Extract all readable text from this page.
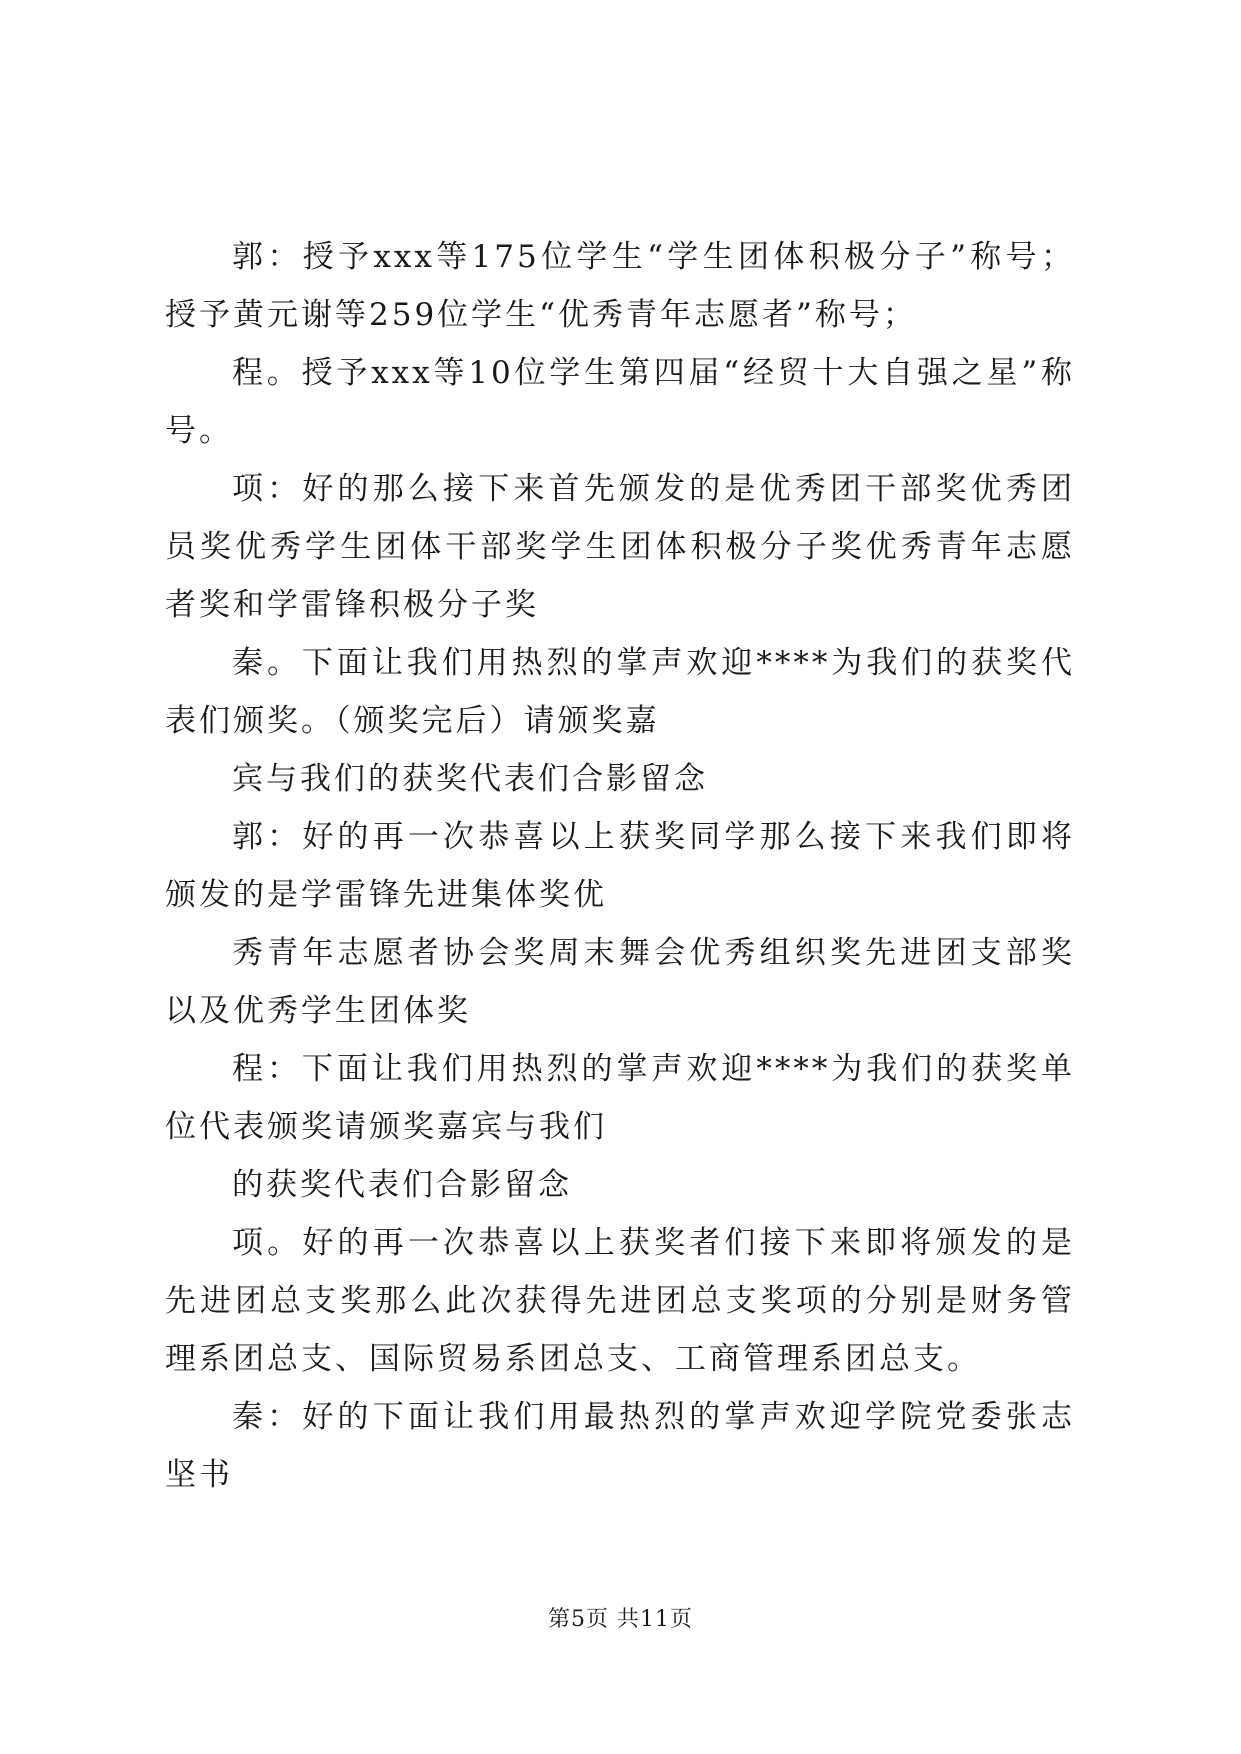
郭：授予xxx等175位学生“学生团体积极分子”称号；授予黄元谢等259位学生“优秀青年志愿者”称号；

程。授予xxx等10位学生第四届“经贸十大自强之星”称号。

项：好的那么接下来首先颁发的是优秀团干部奖优秀团员奖优秀学生团体干部奖学生团体积极分子奖优秀青年志愿者奖和学雷锋积极分子奖

秦。下面让我们用热烈的掌声欢迎****为我们的获奖代表们颁奖。（颁奖完后）请颁奖嘉

宾与我们的获奖代表们合影留念

郭：好的再一次恭喜以上获奖同学那么接下来我们即将颁发的是学雷锋先进集体奖优

秀青年志愿者协会奖周末舞会优秀组织奖先进团支部奖以及优秀学生团体奖

程：下面让我们用热烈的掌声欢迎****为我们的获奖单位代表颁奖请颁奖嘉宾与我们

的获奖代表们合影留念

项。好的再一次恭喜以上获奖者们接下来即将颁发的是先进团总支奖那么此次获得先进团总支奖项的分别是财务管理系团总支、国际贸易系团总支、工商管理系团总支。

秦：好的下面让我们用最热烈的掌声欢迎学院党委张志坚书

第5页 共11页
